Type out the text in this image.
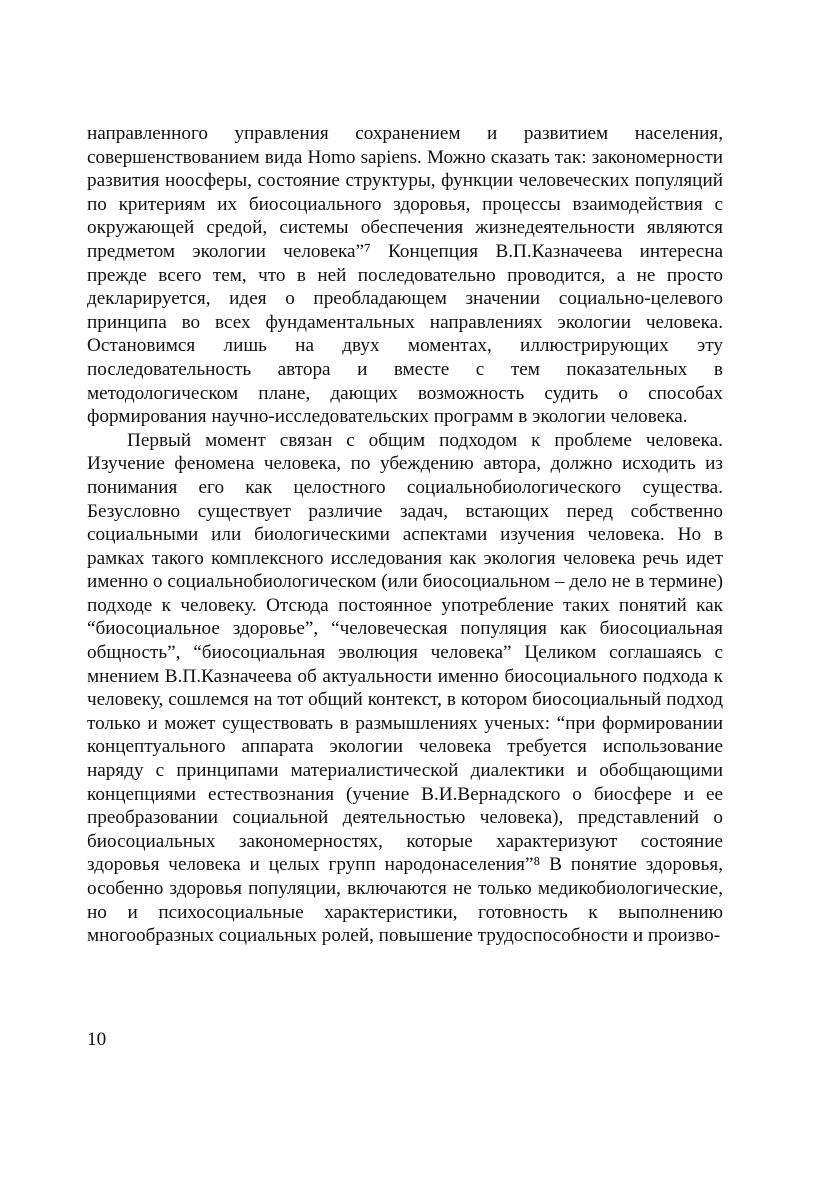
направленного управления сохранением и развитием населения, совершенствованием вида Homo sapiens. Можно сказать так: закономерности развития ноосферы, состояние структуры, функции человеческих популяций по критериям их биосоциального здоровья, процессы взаимодействия с окружающей средой, системы обеспечения жизнедеятельности являются предметом экологии человека”⁷ Концепция В.П.Казначеева интересна прежде всего тем, что в ней последовательно проводится, а не просто декларируется, идея о преобладающем значении социально-целевого принципа во всех фундаментальных направлениях экологии человека. Остановимся лишь на двух моментах, иллюстрирующих эту последовательность автора и вместе с тем показательных в методологическом плане, дающих возможность судить о способах формирования научно-исследовательских программ в экологии человека.

Первый момент связан с общим подходом к проблеме человека. Изучение феномена человека, по убеждению автора, должно исходить из понимания его как целостного социальнобиологического существа. Безусловно существует различие задач, встающих перед собственно социальными или биологическими аспектами изучения человека. Но в рамках такого комплексного исследования как экология человека речь идет именно о социальнобиологическом (или биосоциальном – дело не в термине) подходе к человеку. Отсюда постоянное употребление таких понятий как “биосоциальное здоровье”, “человеческая популяция как биосоциальная общность”, “биосоциальная эволюция человека” Целиком соглашаясь с мнением В.П.Казначеева об актуальности именно биосоциального подхода к человеку, сошлемся на тот общий контекст, в котором биосоциальный подход только и может существовать в размышлениях ученых: “при формировании концептуального аппарата экологии человека требуется использование наряду с принципами материалистической диалектики и обобщающими концепциями естествознания (учение В.И.Вернадского о биосфере и ее преобразовании социальной деятельностью человека), представлений о биосоциальных закономерностях, которые характеризуют состояние здоровья человека и целых групп народонаселения”⁸ В понятие здоровья, особенно здоровья популяции, включаются не только медикобиологические, но и психосоциальные характеристики, готовность к выполнению многообразных социальных ролей, повышение трудоспособности и произво-

10
